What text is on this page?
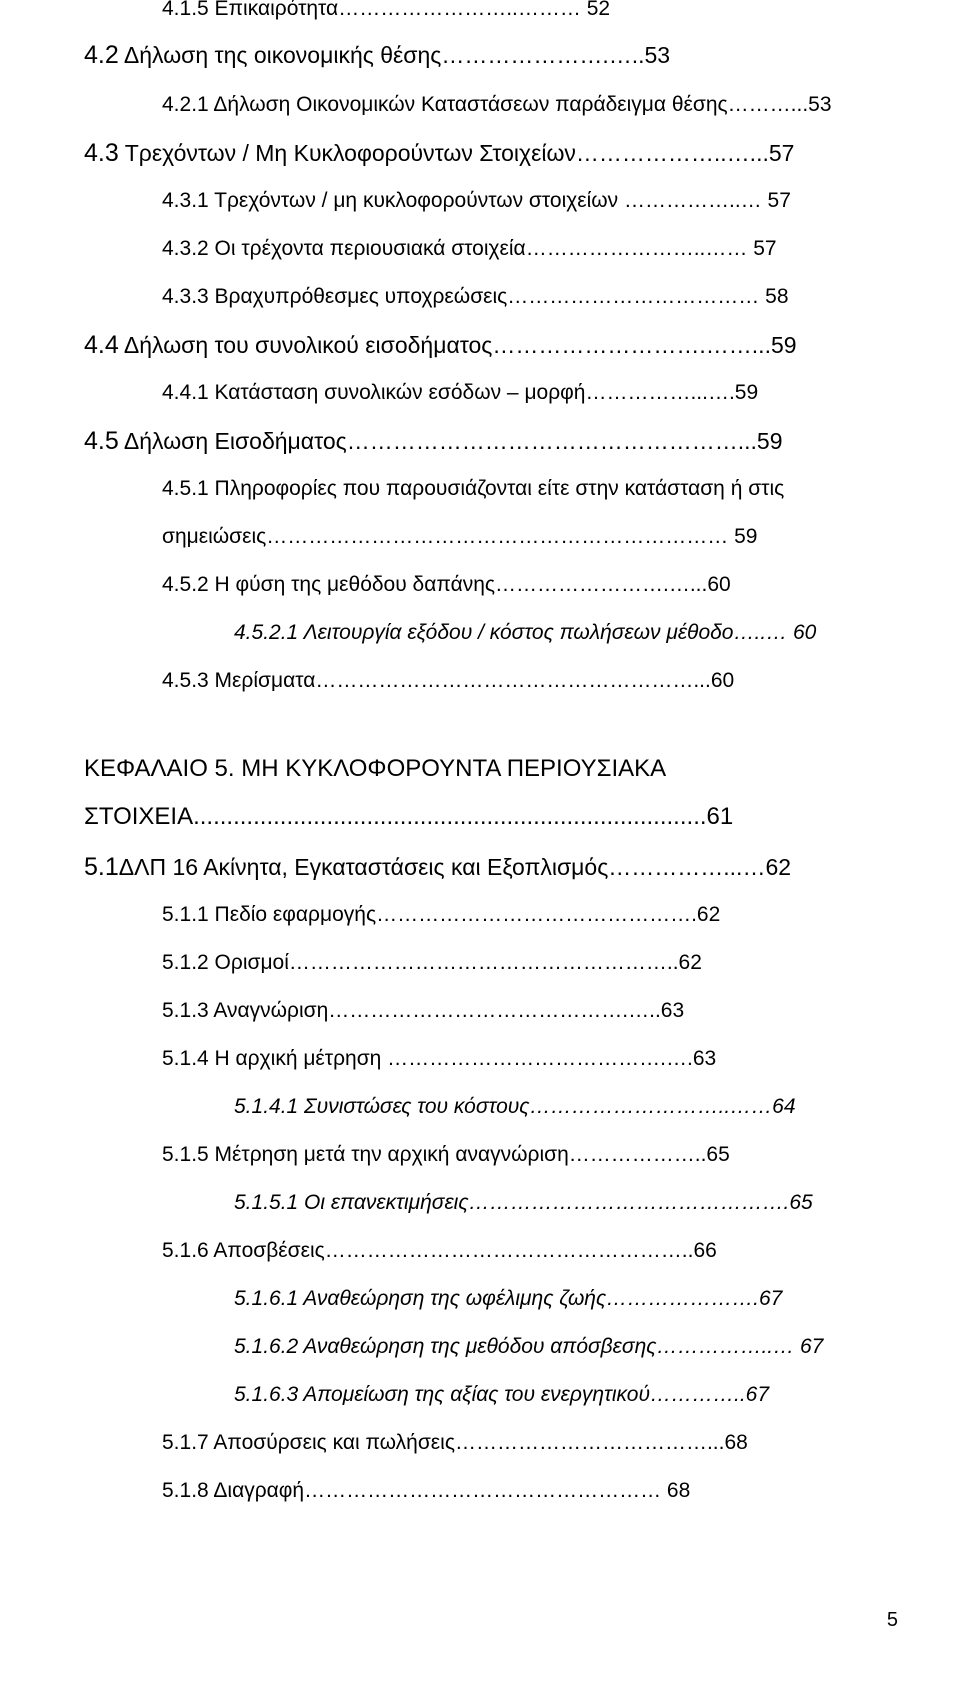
4.1.5 Επικαιρότητα……………………..……… 52
4.2 Δήλωση της οικονομικής θέσης………………….…..53
4.2.1 Δήλωση Οικονομικών Καταστάσεων παράδειγμα θέσης………...53
4.3 Τρεχόντων / Μη Κυκλοφορούντων Στοιχείων………………..…...57
4.3.1 Τρεχόντων / μη κυκλοφορούντων στοιχείων ……………..… 57
4.3.2 Οι τρέχοντα περιουσιακά στοιχεία……………………..…… 57
4.3.3 Βραχυπρόθεσμες υποχρεώσεις……………………………… 58
4.4 Δήλωση του συνολικού εισοδήματος……………………….……...59
4.4.1 Κατάσταση συνολικών εσόδων – μορφή……………...….59
4.5 Δήλωση Εισοδήματος……………………………………………...59
4.5.1 Πληροφορίες που παρουσιάζονται είτε στην κατάσταση ή στις
σημειώσεις………………………………………………………… 59
4.5.2 Η φύση της μεθόδου δαπάνης…………………….…...60
4.5.2.1 Λειτουργία εξόδου / κόστος πωλήσεων μέθοδο…..… 60
4.5.3 Μερίσματα………………………………………………...60
ΚΕΦΑΛΑΙΟ 5. ΜΗ ΚΥΚΛΟΦΟΡΟΥΝΤΑ ΠΕΡΙΟΥΣΙΑΚΑ
ΣΤΟΙΧΕΙΑ.............................................................................61
5.1ΔΛΠ 16 Ακίνητα, Εγκαταστάσεις και Εξοπλισμός……………...…62
5.1.1 Πεδίο εφαρμογής……………………………………….62
5.1.2 Ορισμοί………………………………………………..62
5.1.3 Αναγνώριση…………………………………….…..63
5.1.4 Η αρχική μέτρηση ………………………………….….63
5.1.4.1 Συνιστώσες του κόστους………………………..……64
5.1.5 Μέτρηση μετά την αρχική αναγνώριση………………..65
5.1.5.1 Οι επανεκτιμήσεις……………………………………….65
5.1.6 Αποσβέσεις……………………………………………..66
5.1.6.1 Αναθεώρηση της ωφέλιμης ζωής………………….67
5.1.6.2 Αναθεώρηση της μεθόδου απόσβεσης……………..… 67
5.1.6.3 Απομείωση της αξίας του ενεργητικού…………..67
5.1.7 Αποσύρσεις και πωλήσεις………………………………...68
5.1.8 Διαγραφή…………………………………………… 68
5
